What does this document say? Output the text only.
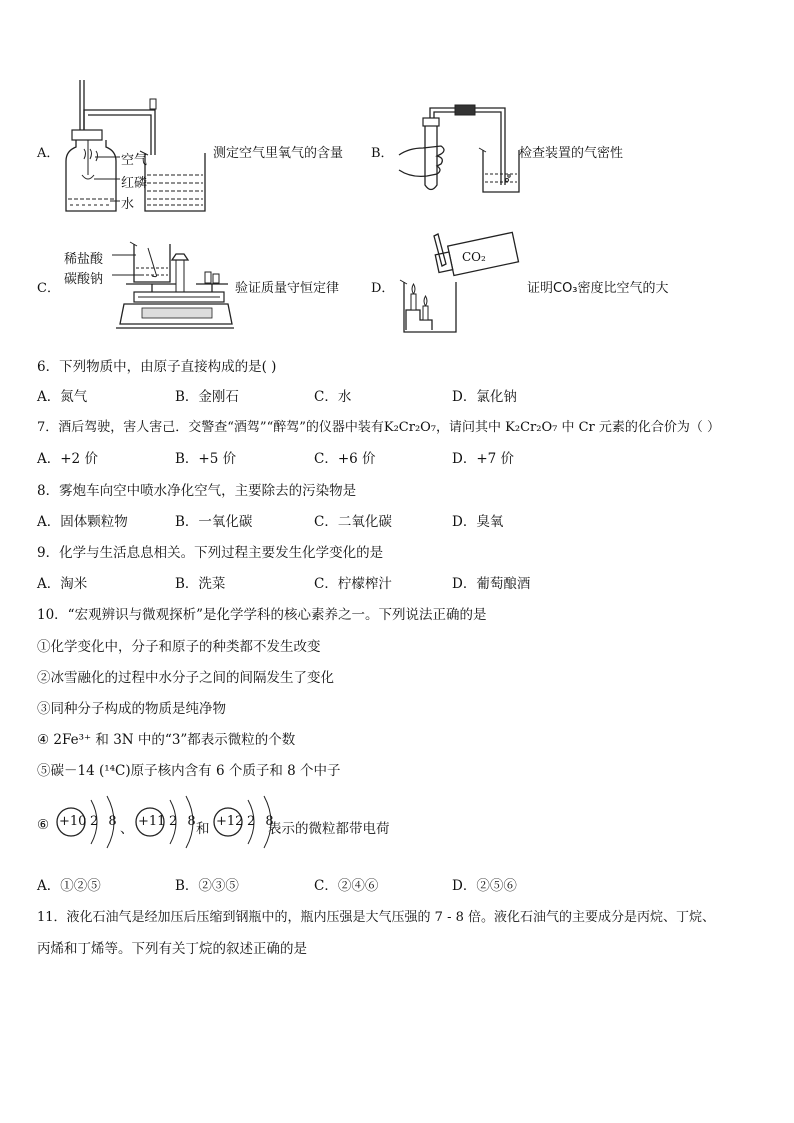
A．	空气
红磷
水
测定空气里氧气的含量 B．	检查装置的气密性
C．
稀盐酸
碳酸钠
验证质量守恒定律 D．
CO₂
证明CO₃密度比空气的大
6．下列物质中，由原子直接构成的是( )
A．氮气	B．金刚石	C．水	D．氯化钠
7．酒后驾驶，害人害己．交警查“酒驾”“醉驾”的仪器中装有K₂Cr₂O₇，请问其中 K₂Cr₂O₇ 中 Cr 元素的化合价为（ ）
A．+2 价	B．+5 价	C．+6 价	D．+7 价
8．雾炮车向空中喷水净化空气，主要除去的污染物是
A．固体颗粒物	B．一氧化碳	C．二氧化碳	D．臭氧
9．化学与生活息息相关。下列过程主要发生化学变化的是
A．淘米	B．洗菜	C．柠檬榨汁	D．葡萄酿酒
10．“宏观辨识与微观探析”是化学学科的核心素养之一。下列说法正确的是
①化学变化中，分子和原子的种类都不发生改变
②冰雪融化的过程中水分子之间的间隔发生了变化
③同种分子构成的物质是纯净物
④ 2Fe³⁺ 和 3N 中的“3”都表示微粒的个数
⑤碳－14 (¹⁴C)原子核内含有 6 个质子和 8 个中子
⑥ +10 2 8 、 +11 2 8 和 +12 2 8
表示的微粒都带电荷
A．①②⑤	B．②③⑤	C．②④⑥	D．②⑤⑥
11．液化石油气是经加压后压缩到钢瓶中的，瓶内压强是大气压强的 7 - 8 倍。液化石油气的主要成分是丙烷、丁烷、
丙烯和丁烯等。下列有关丁烷的叙述正确的是
